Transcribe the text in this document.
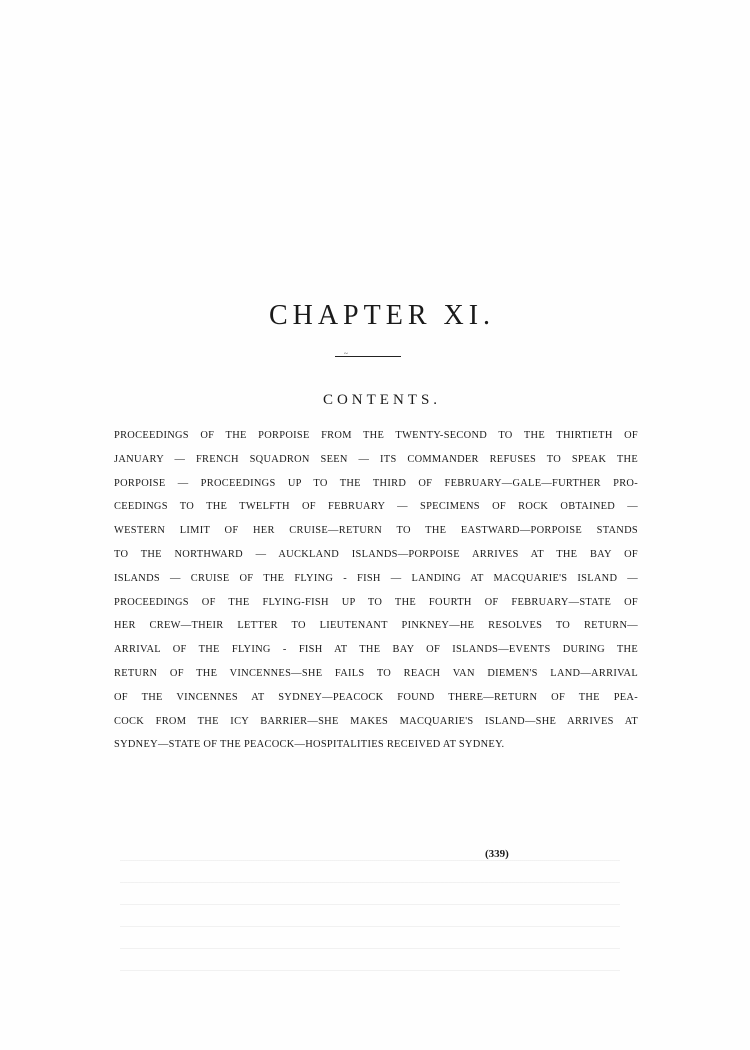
CHAPTER XI.
~
CONTENTS.
PROCEEDINGS OF THE PORPOISE FROM THE TWENTY-SECOND TO THE THIRTIETH OF
JANUARY — FRENCH SQUADRON SEEN — ITS COMMANDER REFUSES TO SPEAK THE
PORPOISE — PROCEEDINGS UP TO THE THIRD OF FEBRUARY—GALE—FURTHER PRO-
CEEDINGS TO THE TWELFTH OF FEBRUARY — SPECIMENS OF ROCK OBTAINED —
WESTERN LIMIT OF HER CRUISE—RETURN TO THE EASTWARD—PORPOISE STANDS
TO THE NORTHWARD — AUCKLAND ISLANDS—PORPOISE ARRIVES AT THE BAY OF
ISLANDS — CRUISE OF THE FLYING - FISH — LANDING AT MACQUARIE'S ISLAND —
PROCEEDINGS OF THE FLYING-FISH UP TO THE FOURTH OF FEBRUARY—STATE OF
HER CREW—THEIR LETTER TO LIEUTENANT PINKNEY—HE RESOLVES TO RETURN—
ARRIVAL OF THE FLYING - FISH AT THE BAY OF ISLANDS—EVENTS DURING THE
RETURN OF THE VINCENNES—SHE FAILS TO REACH VAN DIEMEN'S LAND—ARRIVAL
OF THE VINCENNES AT SYDNEY—PEACOCK FOUND THERE—RETURN OF THE PEA-
COCK FROM THE ICY BARRIER—SHE MAKES MACQUARIE'S ISLAND—SHE ARRIVES AT
SYDNEY—STATE OF THE PEACOCK—HOSPITALITIES RECEIVED AT SYDNEY.
(339)
